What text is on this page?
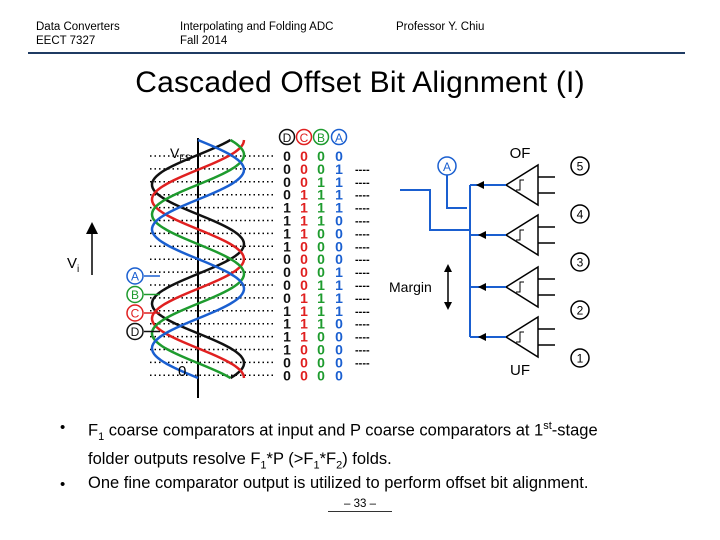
Data Converters
EECT 7327
Interpolating and Folding ADC
Fall 2014
Professor Y. Chiu
Cascaded Offset Bit Alignment (I)
$V_i$
$V_{FS}$
0
A
B
C
D
D C B A
0
0
0
0
1
1
1
1
0
0
0
0
1
1
1
1
0
0
0
0
0
1
1
1
1
0
0
0
0
1
1
1
1
0
0
0
0
0
1
1
1
1
0
0
0
0
1
1
1
1
0
0
0
0
0
1
1
1
1
0
0
0
0
1
1
1
1
0
0
0
0
0
----
----
----
----
----
----
----
----
----
----
----
----
----
----
----
----
A
OF
UF
5
4
3
2
1
Margin
• $F_1$ coarse comparators at input and P coarse comparators at 1st-stage
folder outputs resolve $F_1*P$ $(>F_1*F_2)$ folds.
• One fine comparator output is utilized to perform offset bit alignment.
– 33 –
